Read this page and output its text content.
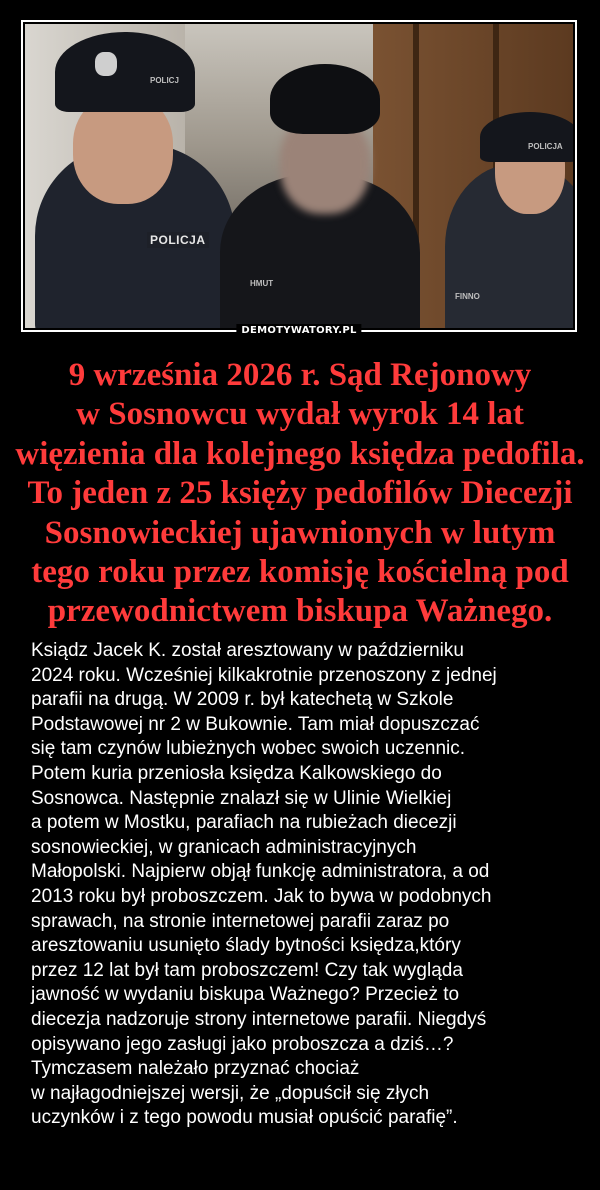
POLICJ
POLICJA
HMUT
POLICJA
FINNO
DEMOTYWATORY.PL
9 września 2026 r. Sąd Rejonowy
w Sosnowcu wydał wyrok 14 lat
więzienia dla kolejnego księdza pedofila.
To jeden z 25 księży pedofilów Diecezji
Sosnowieckiej ujawnionych w lutym
tego roku przez komisję kościelną pod
przewodnictwem biskupa Ważnego.

Ksiądz Jacek K. został aresztowany w październiku
2024 roku. Wcześniej kilkakrotnie przenoszony z jednej
parafii na drugą. W 2009 r. był katechetą w Szkole
Podstawowej nr 2 w Bukownie. Tam miał dopuszczać
się tam czynów lubieżnych wobec swoich uczennic.
Potem kuria przeniosła księdza Kalkowskiego do
Sosnowca. Następnie znalazł się w Ulinie Wielkiej
a potem w Mostku, parafiach na rubieżach diecezji
sosnowieckiej, w granicach administracyjnych
Małopolski. Najpierw objął funkcję administratora, a od
2013 roku był proboszczem. Jak to bywa w podobnych
sprawach, na stronie internetowej parafii zaraz po
aresztowaniu usunięto ślady bytności księdza,który
przez 12 lat był tam proboszczem! Czy tak wygląda
jawność w wydaniu biskupa Ważnego? Przecież to
diecezja nadzoruje strony internetowe parafii. Niegdyś
opisywano jego zasługi jako proboszcza a dziś…?
Tymczasem należało przyznać chociaż
w najłagodniejszej wersji, że „dopuścił się złych
uczynków i z tego powodu musiał opuścić parafię”.
